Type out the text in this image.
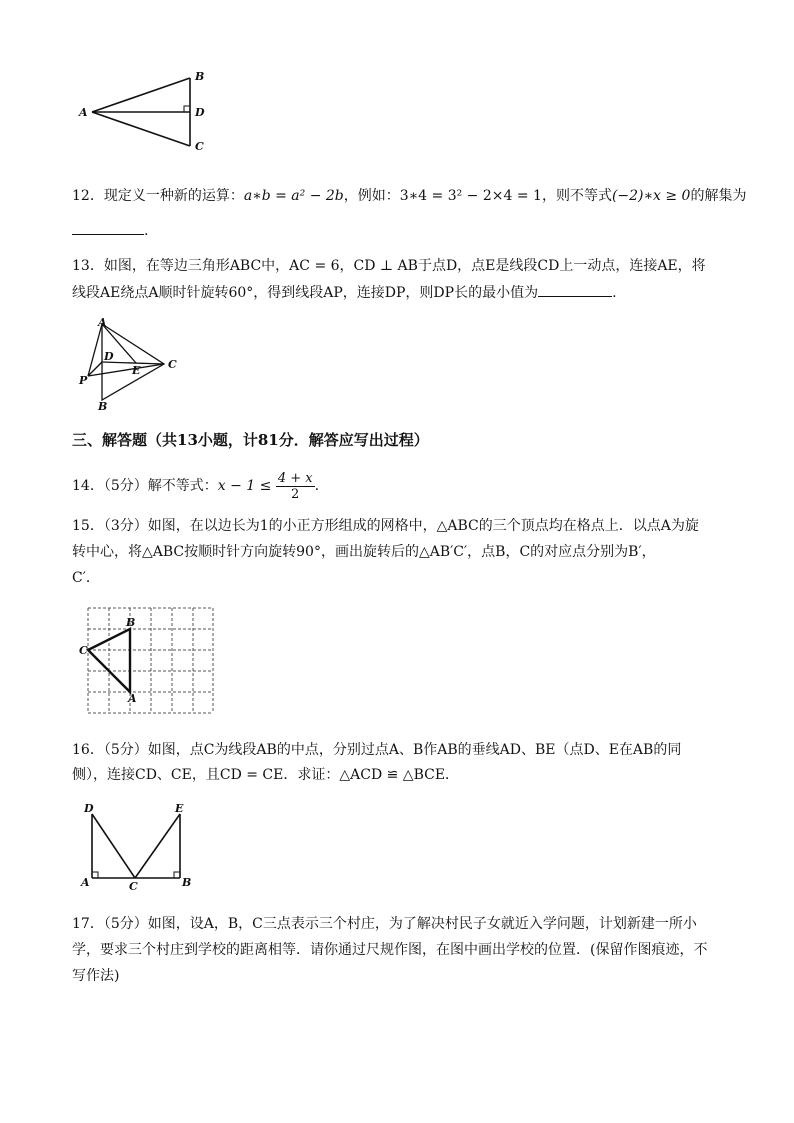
A
B
C
D
12．现定义一种新的运算：a∗b = a² − 2b，例如：3∗4 = 3² − 2×4 = 1，则不等式(−2)∗x ≥ 0的解集为
.
13．如图，在等边三角形ABC中，AC = 6，CD ⊥ AB于点D，点E是线段CD上一动点，连接AE，将
线段AE绕点A顺时针旋转60°，得到线段AP，连接DP，则DP长的最小值为	.
A
C
D
E
P
B
三、解答题（共13小题，计81分．解答应写出过程）
14．（5分）解不等式：$x - 1 \le \frac{4 + x}{2}$ .
15．（3分）如图，在以边长为1的小正方形组成的网格中，△ABC的三个顶点均在格点上．以点A为旋
转中心，将△ABC按顺时针方向旋转90°，画出旋转后的△AB′C′，点B，C的对应点分别为B′，
C′．
B
C
A
16．（5分）如图，点C为线段AB的中点，分别过点A、B作AB的垂线AD、BE（点D、E在AB的同
侧），连接CD、CE，且CD = CE．求证：△ACD ≌ △BCE．
D	E
A	C	B
17．（5分）如图，设A，B，C三点表示三个村庄，为了解决村民子女就近入学问题，计划新建一所小
学，要求三个村庄到学校的距离相等．请你通过尺规作图，在图中画出学校的位置．(保留作图痕迹，不
写作法)
